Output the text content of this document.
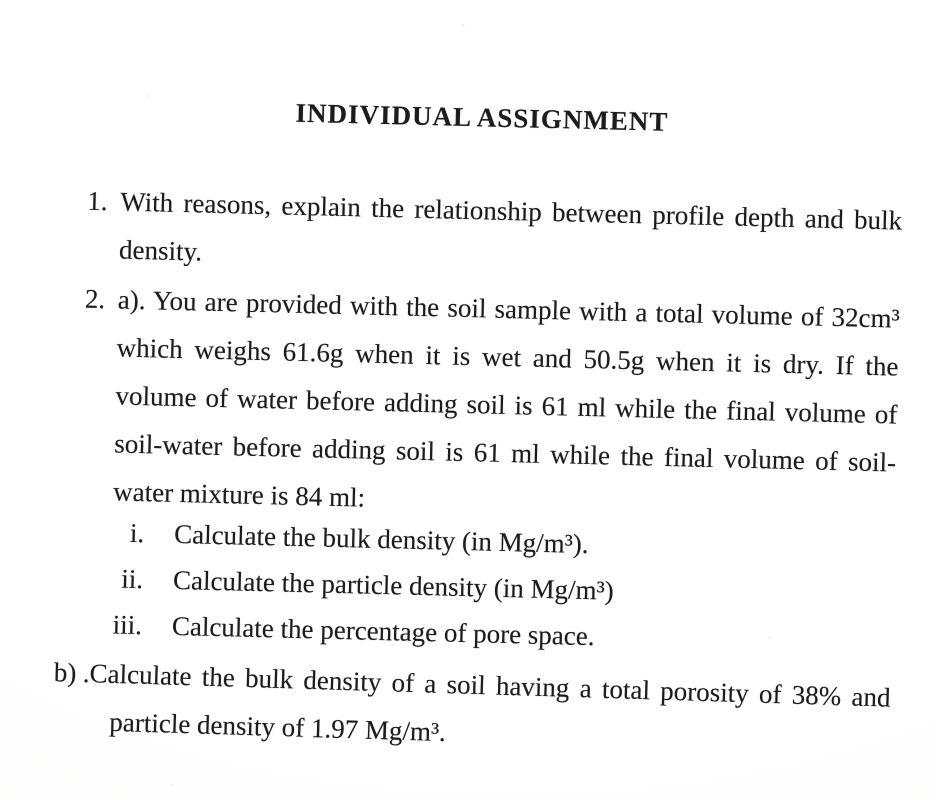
INDIVIDUAL ASSIGNMENT
1. With reasons, explain the relationship between profile depth and bulk
density.
2. a). You are provided with the soil sample with a total volume of 32cm³
which weighs 61.6g when it is wet and 50.5g when it is dry. If the
volume of water before adding soil is 61 ml while the final volume of
soil-water before adding soil is 61 ml while the final volume of soil-
water mixture is 84 ml:
i. Calculate the bulk density (in Mg/m³).
ii. Calculate the particle density (in Mg/m³)
iii. Calculate the percentage of pore space.
b) .Calculate the bulk density of a soil having a total porosity of 38% and
particle density of 1.97 Mg/m³.
